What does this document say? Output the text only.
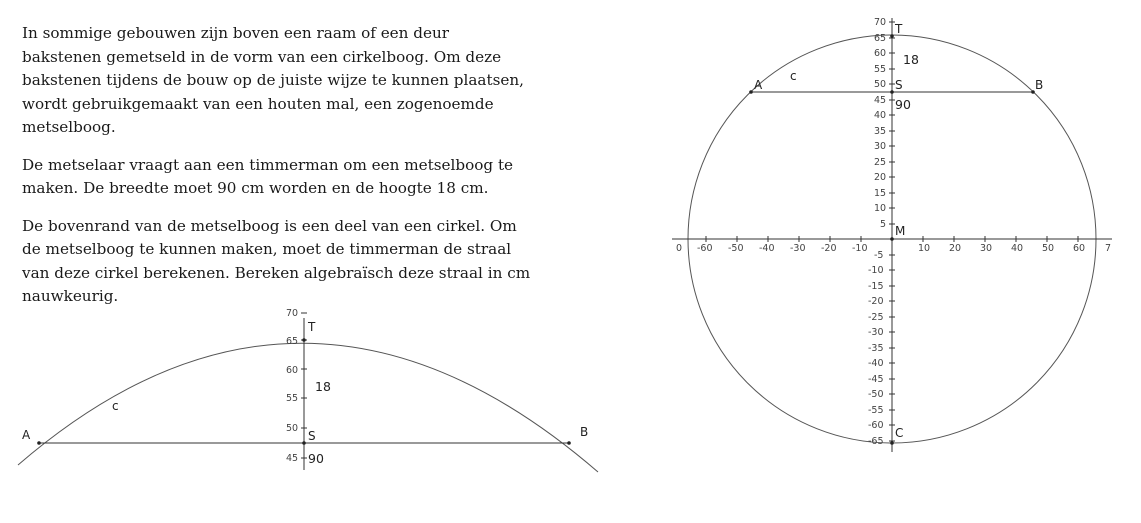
In sommige gebouwen zijn boven een raam of een deur bakstenen gemetseld in de vorm van een cirkelboog. Om deze bakstenen tijdens de bouw op de juiste wijze te kunnen plaatsen, wordt gebruikgemaakt van een houten mal, een zogenoemde metselboog.

De metselaar vraagt aan een timmerman om een metselboog te maken. De breedte moet 90 cm worden en de hoogte 18 cm.

De bovenrand van de metselboog is een deel van een cirkel. Om de metselboog te kunnen maken, moet de timmerman de straal van deze cirkel berekenen. Bereken algebraïsch deze straal in cm nauwkeurig.

45
50
55
60
65
70
A	B
S
T
c
18
90
0 -60 -50 -40 -30 -20 -10	10 20 30 40 50 60 7
70
65
60
55
50
45
40
35
30
25
20
15
10
5
-5
-10
-15
-20
-25
-30
-35
-40
-45
-50
-55
-60
-65
A	B
S
T
M
C
c
18
90
